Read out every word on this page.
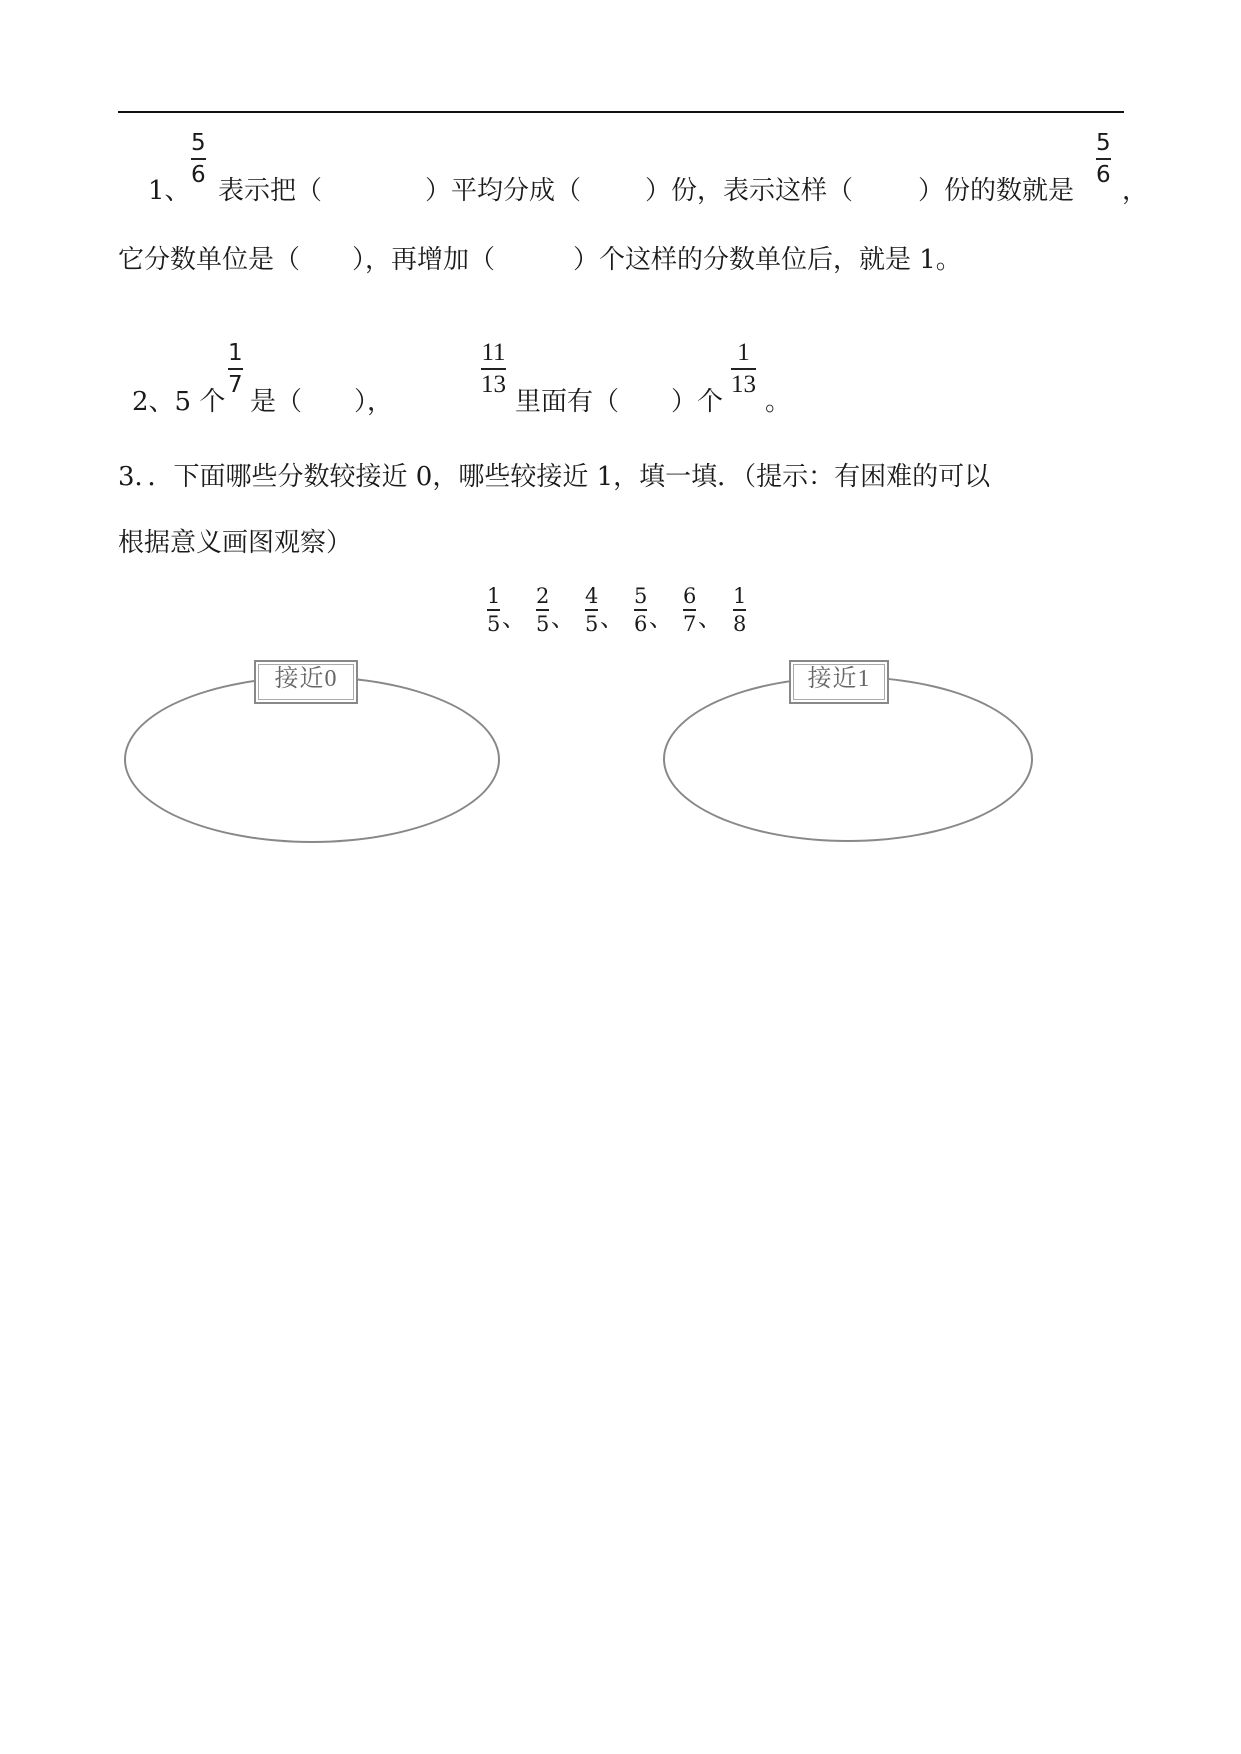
1、
5
6
表示把（	）平均分成（ ）份，表示这样（ ）份的数就是
5
6
，
它分数单位是（　　），再增加（　　　）个这样的分数单位后，就是 1。
2、5 个
1
7
是（　　），
11
13
里面有（　　）个
1
13
。
3．．下面哪些分数较接近 0，哪些较接近 1，填一填．（提示：有困难的可以
根据意义画图观察）
1
5 、
2
5 、
4
5 、
5
6 、
6
7 、
1
8
接近0	接近1
